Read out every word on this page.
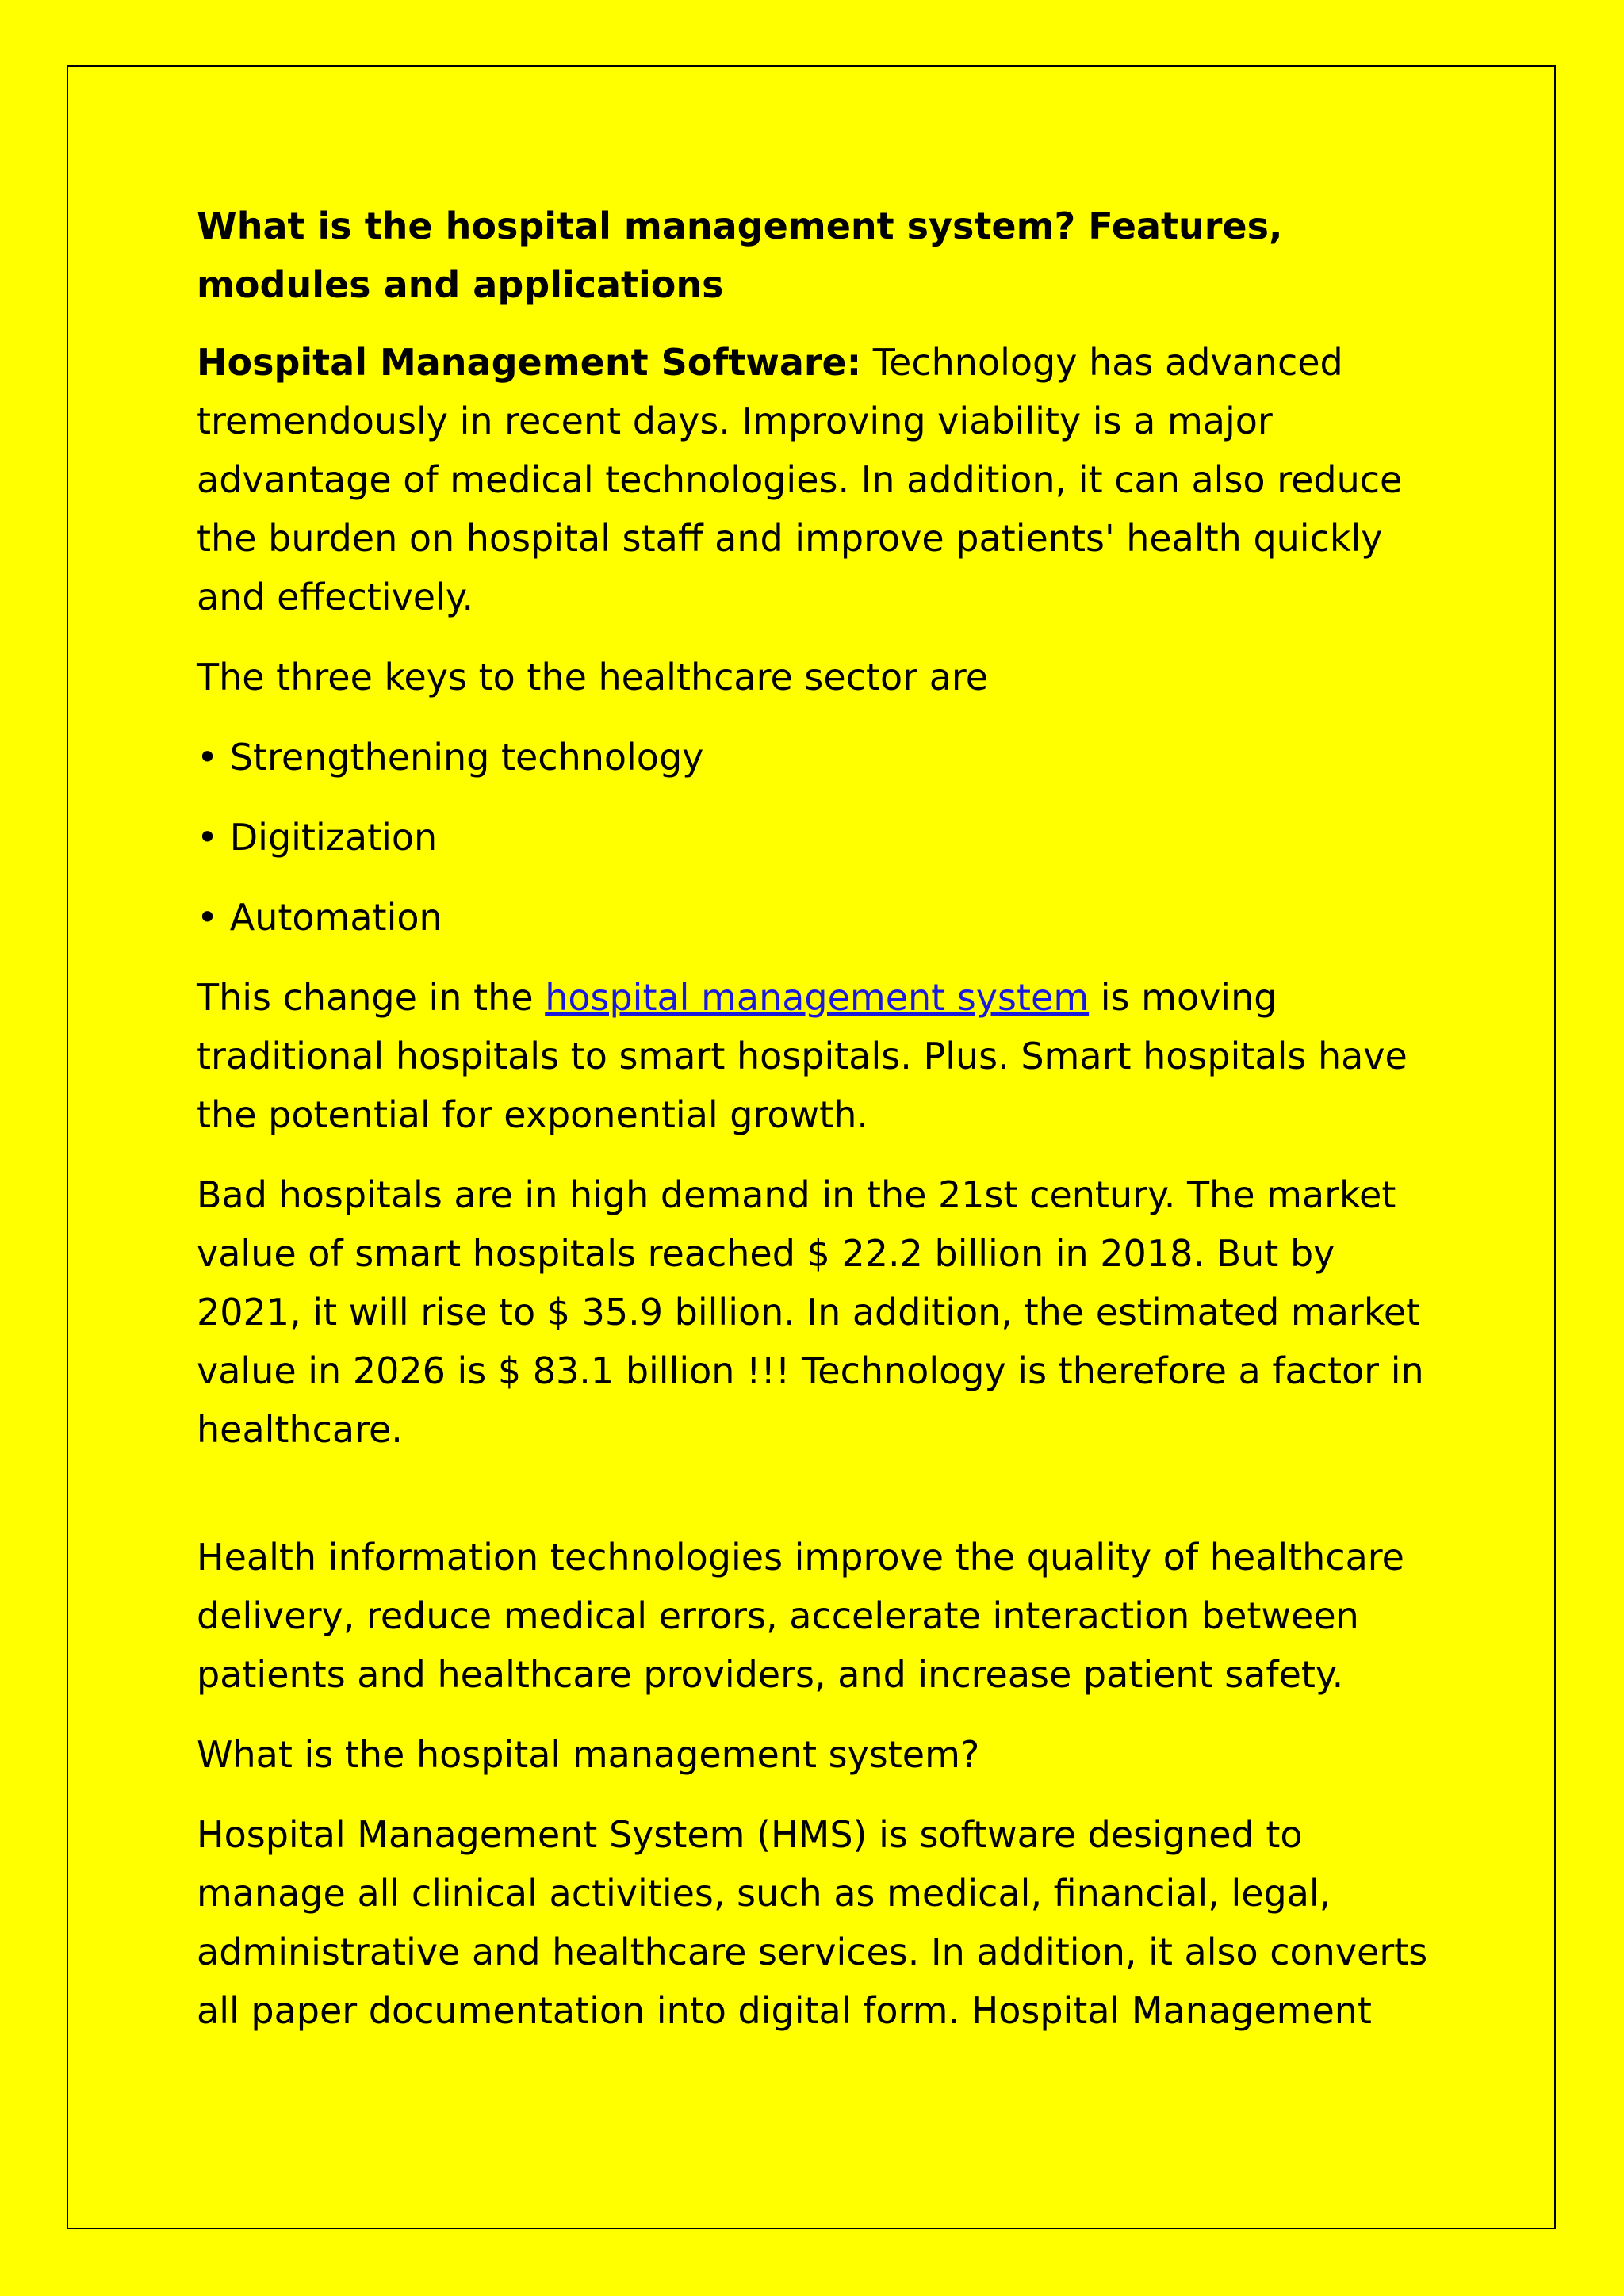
What is the hospital management system? Features, modules and applications

Hospital Management Software: Technology has advanced tremendously in recent days. Improving viability is a major advantage of medical technologies. In addition, it can also reduce the burden on hospital staff and improve patients' health quickly and effectively.

The three keys to the healthcare sector are

• Strengthening technology

• Digitization

• Automation

This change in the hospital management system is moving traditional hospitals to smart hospitals. Plus. Smart hospitals have the potential for exponential growth.

Bad hospitals are in high demand in the 21st century. The market value of smart hospitals reached $ 22.2 billion in 2018. But by 2021, it will rise to $ 35.9 billion. In addition, the estimated market value in 2026 is $ 83.1 billion !!! Technology is therefore a factor in healthcare.

Health information technologies improve the quality of healthcare delivery, reduce medical errors, accelerate interaction between patients and healthcare providers, and increase patient safety.

What is the hospital management system?

Hospital Management System (HMS) is software designed to manage all clinical activities, such as medical, financial, legal, administrative and healthcare services. In addition, it also converts all paper documentation into digital form. Hospital Management
